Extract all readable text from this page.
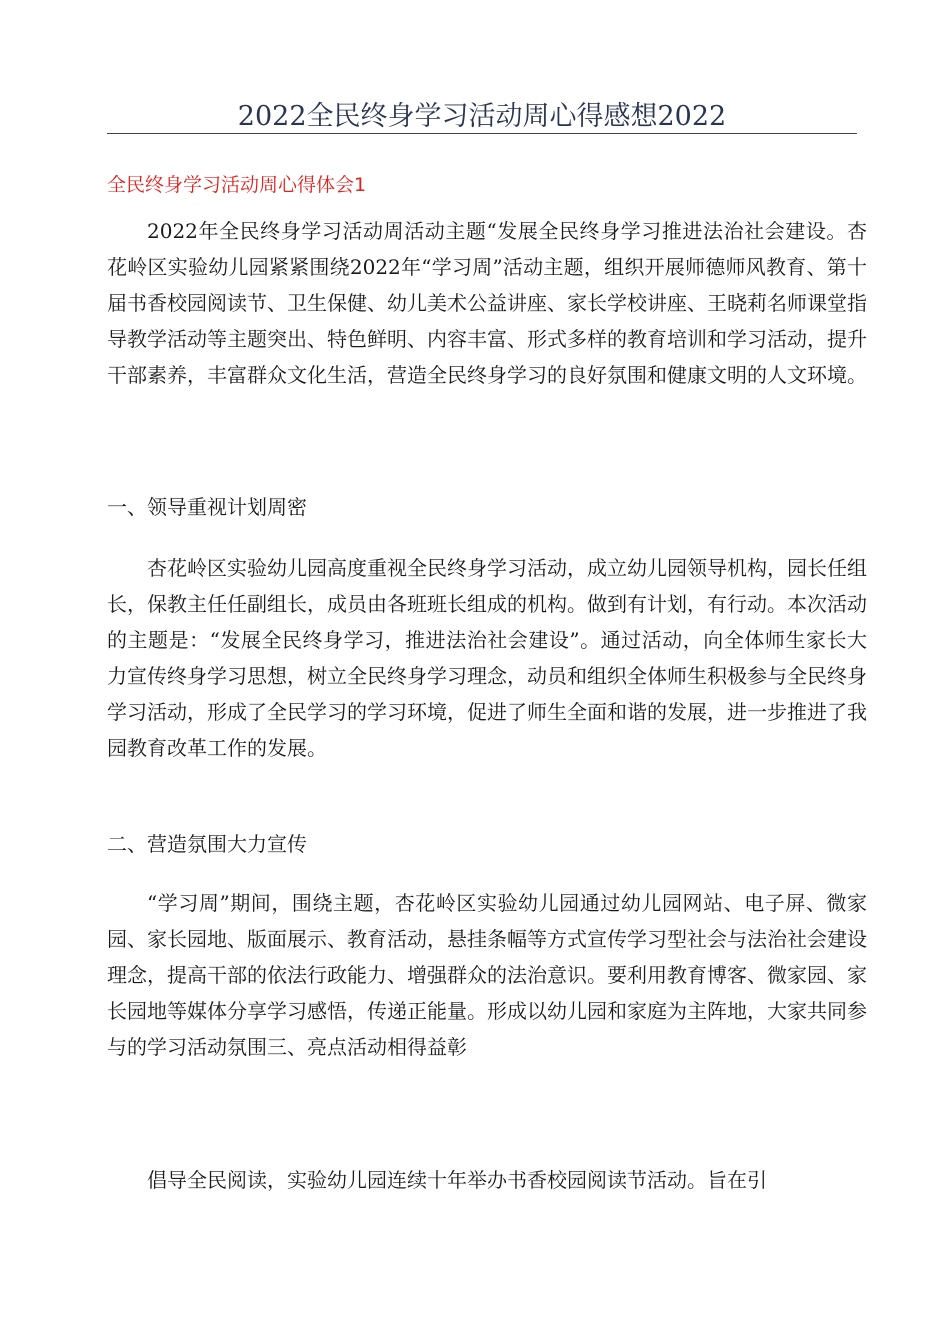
2022全民终身学习活动周心得感想2022
全民终身学习活动周心得体会1

2022年全民终身学习活动周活动主题“发展全民终身学习推进法治社会建设。杏花岭区实验幼儿园紧紧围绕2022年“学习周”活动主题，组织开展师德师风教育、第十届书香校园阅读节、卫生保健、幼儿美术公益讲座、家长学校讲座、王晓莉名师课堂指导教学活动等主题突出、特色鲜明、内容丰富、形式多样的教育培训和学习活动，提升干部素养，丰富群众文化生活，营造全民终身学习的良好氛围和健康文明的人文环境。

一、领导重视计划周密

杏花岭区实验幼儿园高度重视全民终身学习活动，成立幼儿园领导机构，园长任组长，保教主任任副组长，成员由各班班长组成的机构。做到有计划，有行动。本次活动的主题是：“发展全民终身学习，推进法治社会建设”。通过活动，向全体师生家长大力宣传终身学习思想，树立全民终身学习理念，动员和组织全体师生积极参与全民终身学习活动，形成了全民学习的学习环境，促进了师生全面和谐的发展，进一步推进了我园教育改革工作的发展。

二、营造氛围大力宣传

“学习周”期间，围绕主题，杏花岭区实验幼儿园通过幼儿园网站、电子屏、微家园、家长园地、版面展示、教育活动，悬挂条幅等方式宣传学习型社会与法治社会建设理念，提高干部的依法行政能力、增强群众的法治意识。要利用教育博客、微家园、家长园地等媒体分享学习感悟，传递正能量。形成以幼儿园和家庭为主阵地，大家共同参与的学习活动氛围三、亮点活动相得益彰

倡导全民阅读，实验幼儿园连续十年举办书香校园阅读节活动。旨在引
